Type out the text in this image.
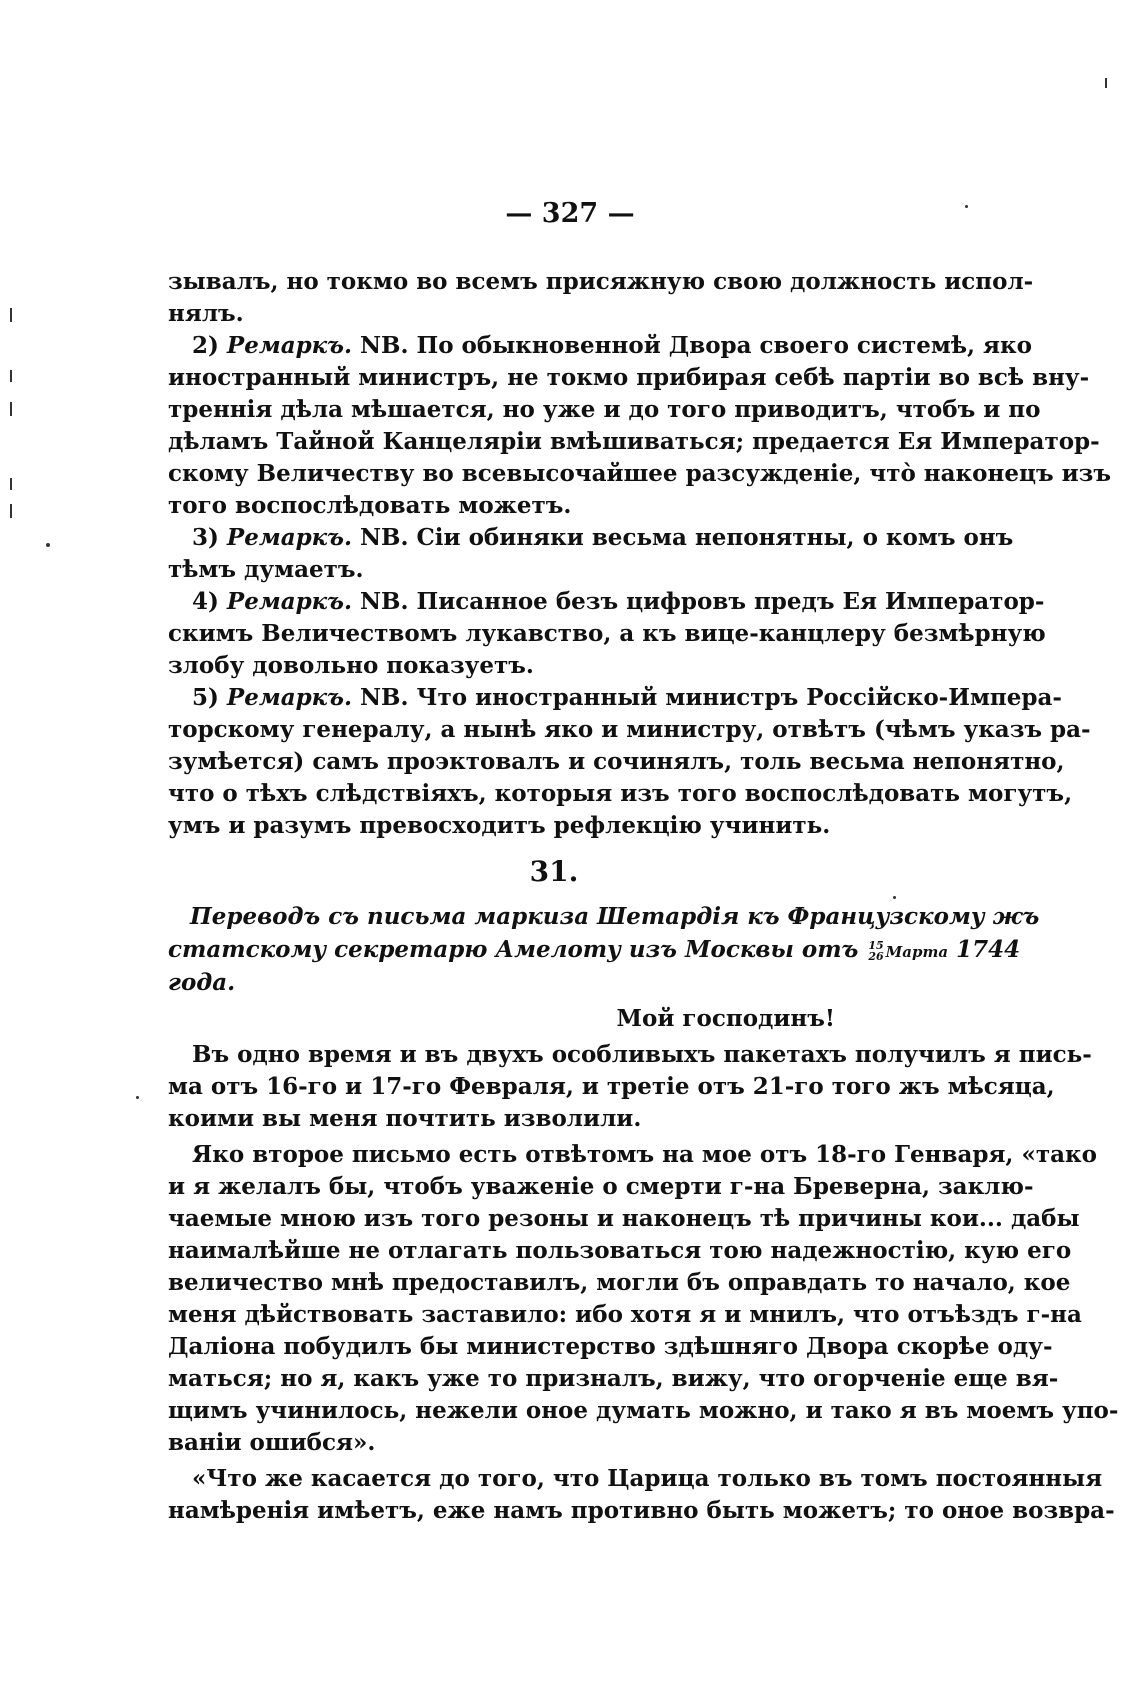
— 327 —
зывалъ, но токмо во всемъ присяжную свою должность испол-
нялъ.
2) Ремаркъ. NB. По обыкновенной Двора своего системѣ, яко
иностранный министръ, не токмо прибирая себѣ партіи во всѣ вну-
треннія дѣла мѣшается, но уже и до того приводитъ, чтобъ и по
дѣламъ Тайной Канцеляріи вмѣшиваться; предается Ея Император-
скому Величеству во всевысочайшее разсужденіе, чтò наконецъ изъ
того воспослѣдовать можетъ.
3) Ремаркъ. NB. Сіи обиняки весьма непонятны, о комъ онъ
тѣмъ думаетъ.
4) Ремаркъ. NB. Писанное безъ цифровъ предъ Ея Император-
скимъ Величествомъ лукавство, а къ вице-канцлеру безмѣрную
злобу довольно показуетъ.
5) Ремаркъ. NB. Что иностранный министръ Россійско-Импера-
торскому генералу, а нынѣ яко и министру, отвѣтъ (чѣмъ указъ ра-
зумѣется) самъ проэктовалъ и сочинялъ, толь весьма непонятно,
что о тѣхъ слѣдствіяхъ, которыя изъ того воспослѣдовать могутъ,
умъ и разумъ превосходитъ рефлекцію учинить.
31.
Переводъ съ письма маркиза Шетардія къ Французскому жъ
статскому секретарю Амелоту изъ Москвы отъ 15
26 Марта 1744
года.
Мой господинъ!
Въ одно время и въ двухъ особливыхъ пакетахъ получилъ я пись-
ма отъ 16-го и 17-го Февраля, и третіе отъ 21-го того жъ мѣсяца,
коими вы меня почтить изволили.
Яко второе письмо есть отвѣтомъ на мое отъ 18-го Генваря, «тако
и я желалъ бы, чтобъ уваженіе о смерти г-на Бреверна, заклю-
чаемые мною изъ того резоны и наконецъ тѣ причины кои... дабы
наималѣйше не отлагать пользоваться тою надежностію, кую его
величество мнѣ предоставилъ, могли бъ оправдать то начало, кое
меня дѣйствовать заставило: ибо хотя я и мнилъ, что отъѣздъ г-на
Даліона побудилъ бы министерство здѣшняго Двора скорѣе оду-
маться; но я, какъ уже то призналъ, вижу, что огорченіе еще вя-
щимъ учинилось, нежели оное думать можно, и тако я въ моемъ упо-
ваніи ошибся».
«Что же касается до того, что Царица только въ томъ постоянныя
намѣренія имѣетъ, еже намъ противно быть можетъ; то оное возвра-
